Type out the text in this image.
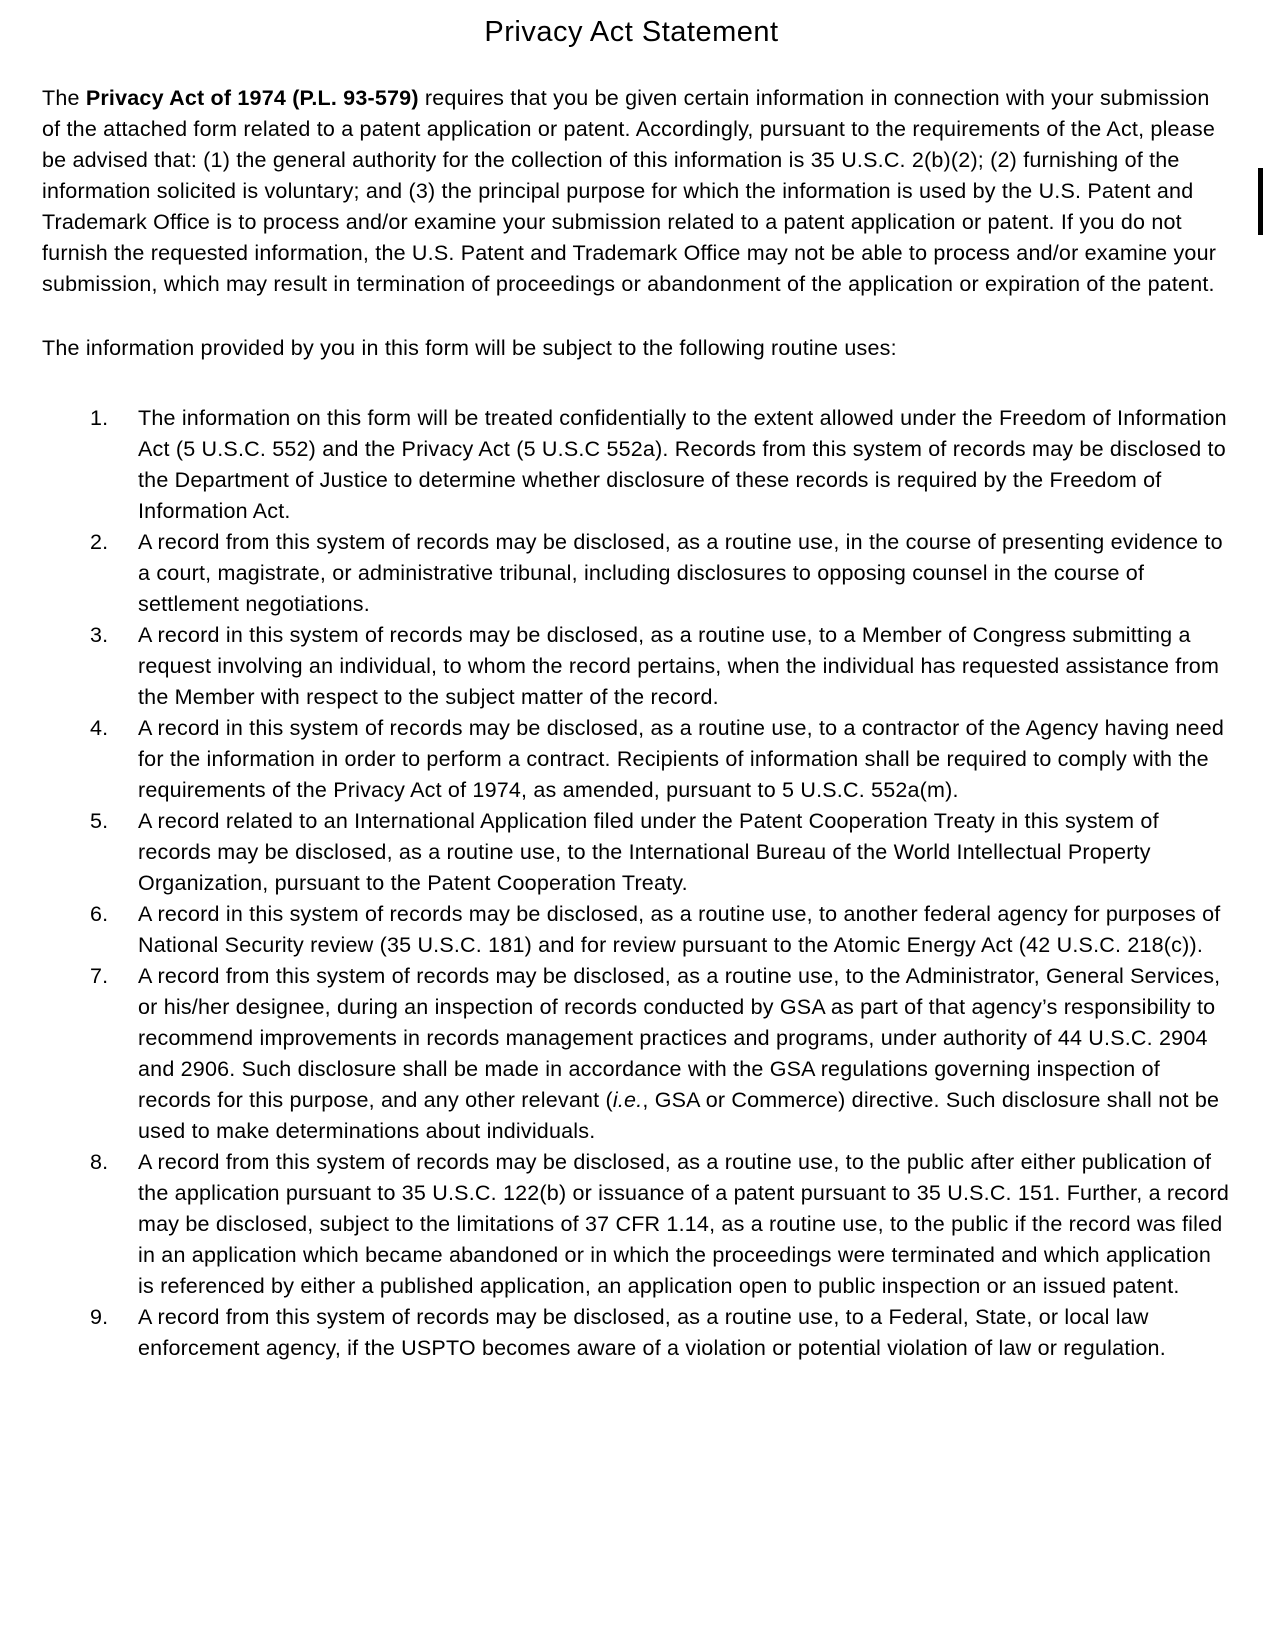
Privacy Act Statement

The Privacy Act of 1974 (P.L. 93-579) requires that you be given certain information in connection with your submission of the attached form related to a patent application or patent. Accordingly, pursuant to the requirements of the Act, please be advised that: (1) the general authority for the collection of this information is 35 U.S.C. 2(b)(2); (2) furnishing of the information solicited is voluntary; and (3) the principal purpose for which the information is used by the U.S. Patent and Trademark Office is to process and/or examine your submission related to a patent application or patent. If you do not furnish the requested information, the U.S. Patent and Trademark Office may not be able to process and/or examine your submission, which may result in termination of proceedings or abandonment of the application or expiration of the patent.

The information provided by you in this form will be subject to the following routine uses:

1.	The information on this form will be treated confidentially to the extent allowed under the Freedom of Information Act (5 U.S.C. 552) and the Privacy Act (5 U.S.C 552a). Records from this system of records may be disclosed to the Department of Justice to determine whether disclosure of these records is required by the Freedom of Information Act.
2.	A record from this system of records may be disclosed, as a routine use, in the course of presenting evidence to a court, magistrate, or administrative tribunal, including disclosures to opposing counsel in the course of settlement negotiations.
3.	A record in this system of records may be disclosed, as a routine use, to a Member of Congress submitting a request involving an individual, to whom the record pertains, when the individual has requested assistance from the Member with respect to the subject matter of the record.
4.	A record in this system of records may be disclosed, as a routine use, to a contractor of the Agency having need for the information in order to perform a contract. Recipients of information shall be required to comply with the requirements of the Privacy Act of 1974, as amended, pursuant to 5 U.S.C. 552a(m).
5.	A record related to an International Application filed under the Patent Cooperation Treaty in this system of records may be disclosed, as a routine use, to the International Bureau of the World Intellectual Property Organization, pursuant to the Patent Cooperation Treaty.
6.	A record in this system of records may be disclosed, as a routine use, to another federal agency for purposes of National Security review (35 U.S.C. 181) and for review pursuant to the Atomic Energy Act (42 U.S.C. 218(c)).
7.	A record from this system of records may be disclosed, as a routine use, to the Administrator, General Services, or his/her designee, during an inspection of records conducted by GSA as part of that agency’s responsibility to recommend improvements in records management practices and programs, under authority of 44 U.S.C. 2904 and 2906. Such disclosure shall be made in accordance with the GSA regulations governing inspection of records for this purpose, and any other relevant (i.e., GSA or Commerce) directive. Such disclosure shall not be used to make determinations about individuals.
8.	A record from this system of records may be disclosed, as a routine use, to the public after either publication of the application pursuant to 35 U.S.C. 122(b) or issuance of a patent pursuant to 35 U.S.C. 151. Further, a record may be disclosed, subject to the limitations of 37 CFR 1.14, as a routine use, to the public if the record was filed in an application which became abandoned or in which the proceedings were terminated and which application is referenced by either a published application, an application open to public inspection or an issued patent.
9.	A record from this system of records may be disclosed, as a routine use, to a Federal, State, or local law enforcement agency, if the USPTO becomes aware of a violation or potential violation of law or regulation.
